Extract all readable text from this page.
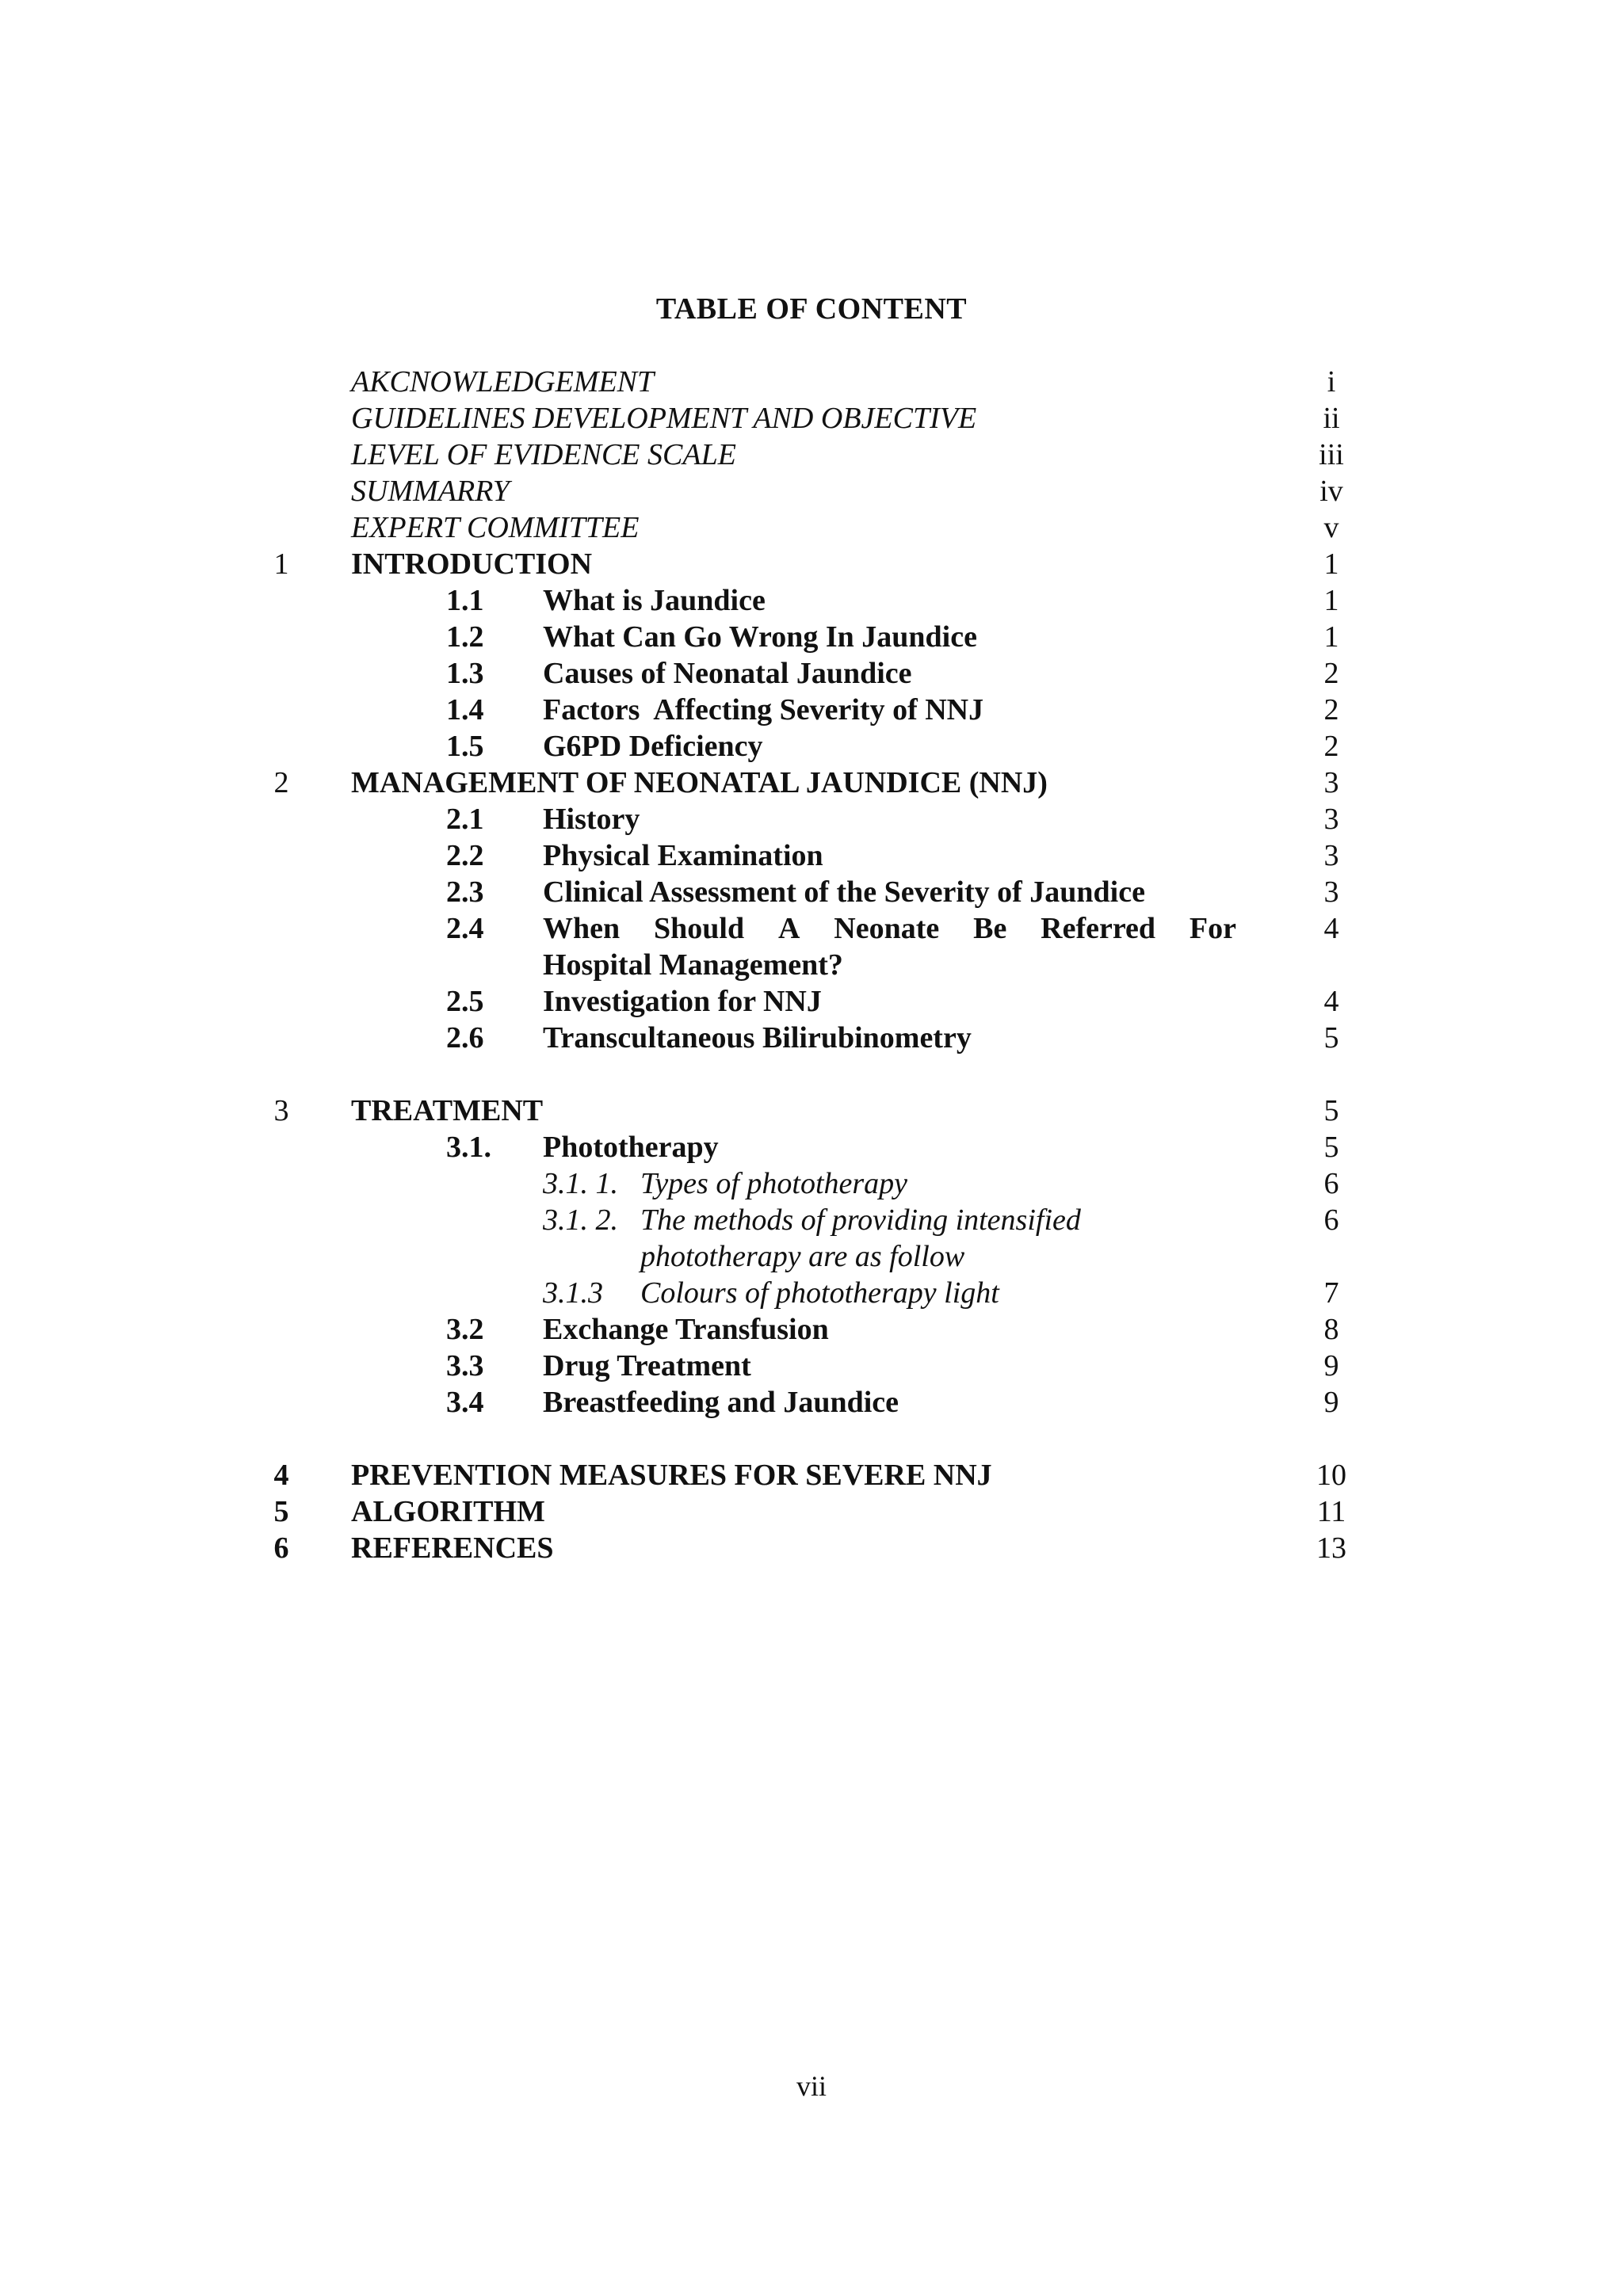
TABLE OF CONTENT
AKCNOWLEDGEMENT	i
GUIDELINES DEVELOPMENT AND OBJECTIVE	ii
LEVEL OF EVIDENCE SCALE	iii
SUMMARRY	iv
EXPERT COMMITTEE	v
1	INTRODUCTION	1
1.1	What is Jaundice	1
1.2	What Can Go Wrong In Jaundice	1
1.3	Causes of Neonatal Jaundice	2
1.4	Factors  Affecting Severity of NNJ	2
1.5	G6PD Deficiency	2
2	MANAGEMENT OF NEONATAL JAUNDICE (NNJ)	3
2.1	History	3
2.2	Physical Examination	3
2.3	Clinical Assessment of the Severity of Jaundice	3
2.4	When Should A Neonate Be Referred For	4
Hospital Management?
2.5	Investigation for NNJ	4
2.6	Transcultaneous Bilirubinometry	5
3	TREATMENT	5
3.1.	Phototherapy	5
3.1. 1. Types of phototherapy	6
3.1. 2. The methods of providing intensified	6
phototherapy are as follow
3.1.3	Colours of phototherapy light	7
3.2	Exchange Transfusion	8
3.3	Drug Treatment	9
3.4	Breastfeeding and Jaundice	9
4	PREVENTION MEASURES FOR SEVERE NNJ	10
5	ALGORITHM	11
6	REFERENCES	13
vii
